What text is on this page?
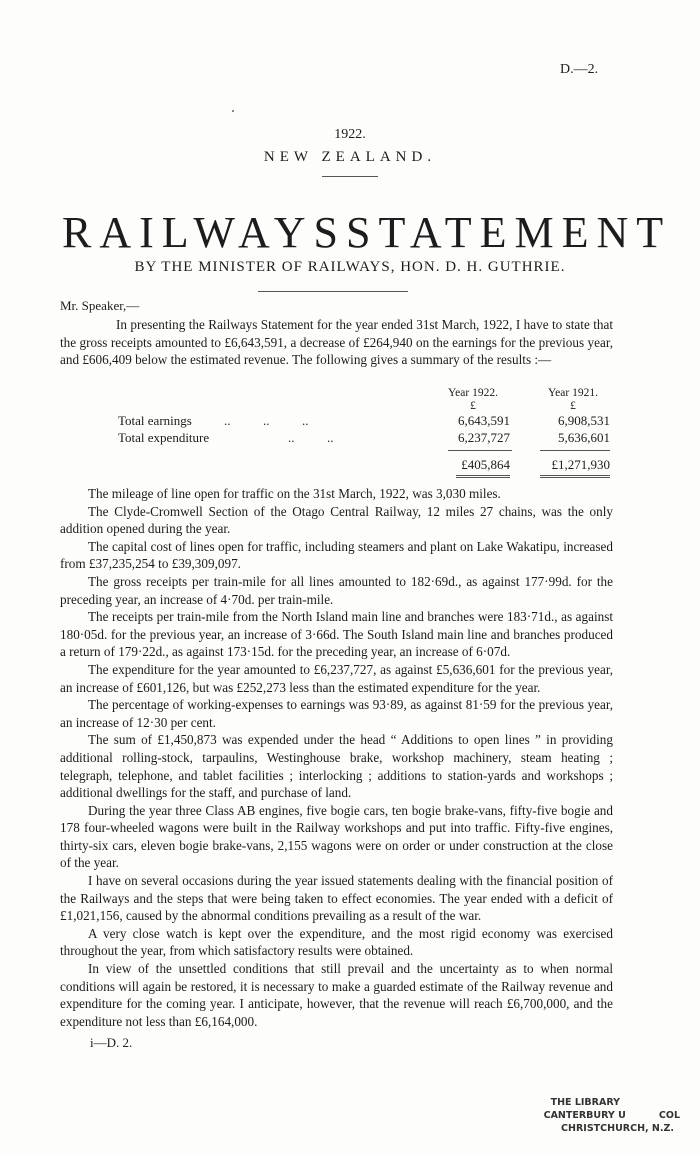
D.—2.
1922.
NEW ZEALAND.
RAILWAYS STATEMENT
BY THE MINISTER OF RAILWAYS, HON. D. H. GUTHRIE.
Mr. Speaker,—

In presenting the Railways Statement for the year ended 31st March, 1922, I have to state that the gross receipts amounted to £6,643,591, a decrease of £264,940 on the earnings for the previous year, and £606,409 below the estimated revenue. The following gives a summary of the results :—

Year 1922.	Year 1921.
£	£
Total earnings ..          ..          ..	6,643,591	6,908,531
Total expenditure	..          ..	6,237,727	5,636,601
£405,864	£1,271,930

The mileage of line open for traffic on the 31st March, 1922, was 3,030 miles.

The Clyde-Cromwell Section of the Otago Central Railway, 12 miles 27 chains, was the only addition opened during the year.

The capital cost of lines open for traffic, including steamers and plant on Lake Wakatipu, increased from £37,235,254 to £39,309,097.

The gross receipts per train-mile for all lines amounted to 182·69d., as against 177·99d. for the preceding year, an increase of 4·70d. per train-mile.

The receipts per train-mile from the North Island main line and branches were 183·71d., as against 180·05d. for the previous year, an increase of 3·66d. The South Island main line and branches produced a return of 179·22d., as against 173·15d. for the preceding year, an increase of 6·07d.

The expenditure for the year amounted to £6,237,727, as against £5,636,601 for the previous year, an increase of £601,126, but was £252,273 less than the estimated expenditure for the year.

The percentage of working-expenses to earnings was 93·89, as against 81·59 for the previous year, an increase of 12·30 per cent.

The sum of £1,450,873 was expended under the head “ Additions to open lines ” in providing additional rolling-stock, tarpaulins, Westinghouse brake, workshop machinery, steam heating ; telegraph, telephone, and tablet facilities ; interlocking ; additions to station-yards and workshops ; additional dwellings for the staff, and purchase of land.

During the year three Class AB engines, five bogie cars, ten bogie brake-vans, fifty-five bogie and 178 four-wheeled wagons were built in the Railway workshops and put into traffic. Fifty-five engines, thirty-six cars, eleven bogie brake-vans, 2,155 wagons were on order or under construction at the close of the year.

I have on several occasions during the year issued statements dealing with the financial position of the Railways and the steps that were being taken to effect economies. The year ended with a deficit of £1,021,156, caused by the abnormal conditions prevailing as a result of the war.

A very close watch is kept over the expenditure, and the most rigid economy was exercised throughout the year, from which satisfactory results were obtained.

In view of the unsettled conditions that still prevail and the uncertainty as to when normal conditions will again be restored, it is necessary to make a guarded estimate of the Railway revenue and expenditure for the coming year. I anticipate, however, that the revenue will reach £6,700,000, and the expenditure not less than £6,164,000.

i—D. 2.
THE LIBRARY
CANTERBURY U          COL
CHRISTCHURCH, N.Z.
